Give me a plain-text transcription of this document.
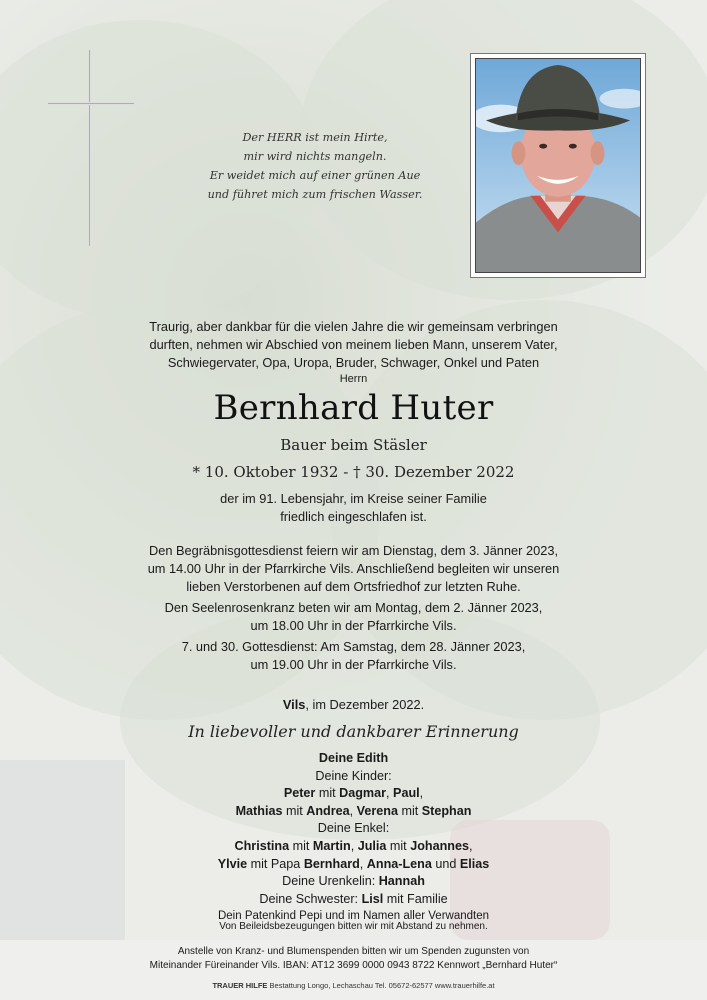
Der HERR ist mein Hirte,
mir wird nichts mangeln.
Er weidet mich auf einer grünen Aue
und führet mich zum frischen Wasser.
Traurig, aber dankbar für die vielen Jahre die wir gemeinsam verbringen
durften, nehmen wir Abschied von meinem lieben Mann, unserem Vater,
Schwiegervater, Opa, Uropa, Bruder, Schwager, Onkel und Paten
Herrn
Bernhard Huter
Bauer beim Stäsler
* 10. Oktober 1932 - † 30. Dezember 2022
der im 91. Lebensjahr, im Kreise seiner Familie
friedlich eingeschlafen ist.
Den Begräbnisgottesdienst feiern wir am Dienstag, dem 3. Jänner 2023,
um 14.00 Uhr in der Pfarrkirche Vils. Anschließend begleiten wir unseren
lieben Verstorbenen auf dem Ortsfriedhof zur letzten Ruhe.
Den Seelenrosenkranz beten wir am Montag, dem 2. Jänner 2023,
um 18.00 Uhr in der Pfarrkirche Vils.
7. und 30. Gottesdienst: Am Samstag, dem 28. Jänner 2023,
um 19.00 Uhr in der Pfarrkirche Vils.
Vils, im Dezember 2022.
In liebevoller und dankbarer Erinnerung
Deine Edith
Deine Kinder:
Peter mit Dagmar, Paul,
Mathias mit Andrea, Verena mit Stephan
Deine Enkel:
Christina mit Martin, Julia mit Johannes,
Ylvie mit Papa Bernhard, Anna-Lena und Elias
Deine Urenkelin: Hannah
Deine Schwester: Lisl mit Familie
Dein Patenkind Pepi und im Namen aller Verwandten
Von Beileidsbezeugungen bitten wir mit Abstand zu nehmen.
Anstelle von Kranz- und Blumenspenden bitten wir um Spenden zugunsten von
Miteinander Füreinander Vils. IBAN: AT12 3699 0000 0943 8722 Kennwort „Bernhard Huter“
TRAUER HILFE Bestattung Longo, Lechaschau Tel. 05672-62577 www.trauerhilfe.at
